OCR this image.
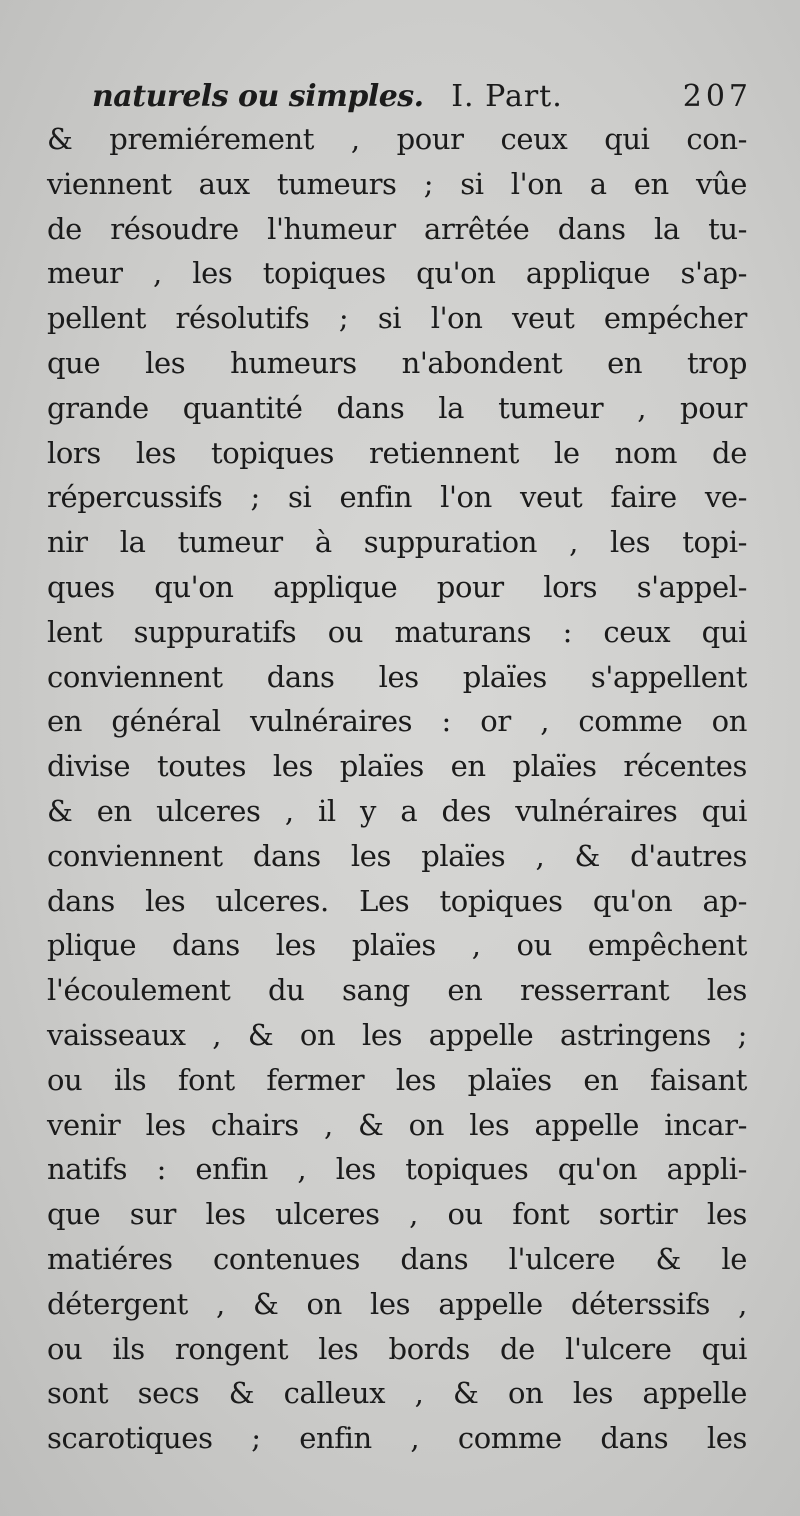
naturels ou simples. I. Part.	207
& premiérement , pour ceux qui con-
viennent aux tumeurs ; si l'on a en vûe
de résoudre l'humeur arrêtée dans la tu-
meur , les topiques qu'on applique s'ap-
pellent résolutifs ; si l'on veut empécher
que les humeurs n'abondent en trop
grande quantité dans la tumeur , pour
lors les topiques retiennent le nom de
répercussifs ; si enfin l'on veut faire ve-
nir la tumeur à suppuration , les topi-
ques qu'on applique pour lors s'appel-
lent suppuratifs ou maturans : ceux qui
conviennent dans les plaïes s'appellent
en général vulnéraires : or , comme on
divise toutes les plaïes en plaïes récentes
& en ulceres , il y a des vulnéraires qui
conviennent dans les plaïes , & d'autres
dans les ulceres. Les topiques qu'on ap-
plique dans les plaïes , ou empêchent
l'écoulement du sang en resserrant les
vaisseaux , & on les appelle astringens ;
ou ils font fermer les plaïes en faisant
venir les chairs , & on les appelle incar-
natifs : enfin , les topiques qu'on appli-
que sur les ulceres , ou font sortir les
matiéres contenues dans l'ulcere & le
détergent , & on les appelle déterssifs ,
ou ils rongent les bords de l'ulcere qui
sont secs & calleux , & on les appelle
scarotiques ; enfin , comme dans les
